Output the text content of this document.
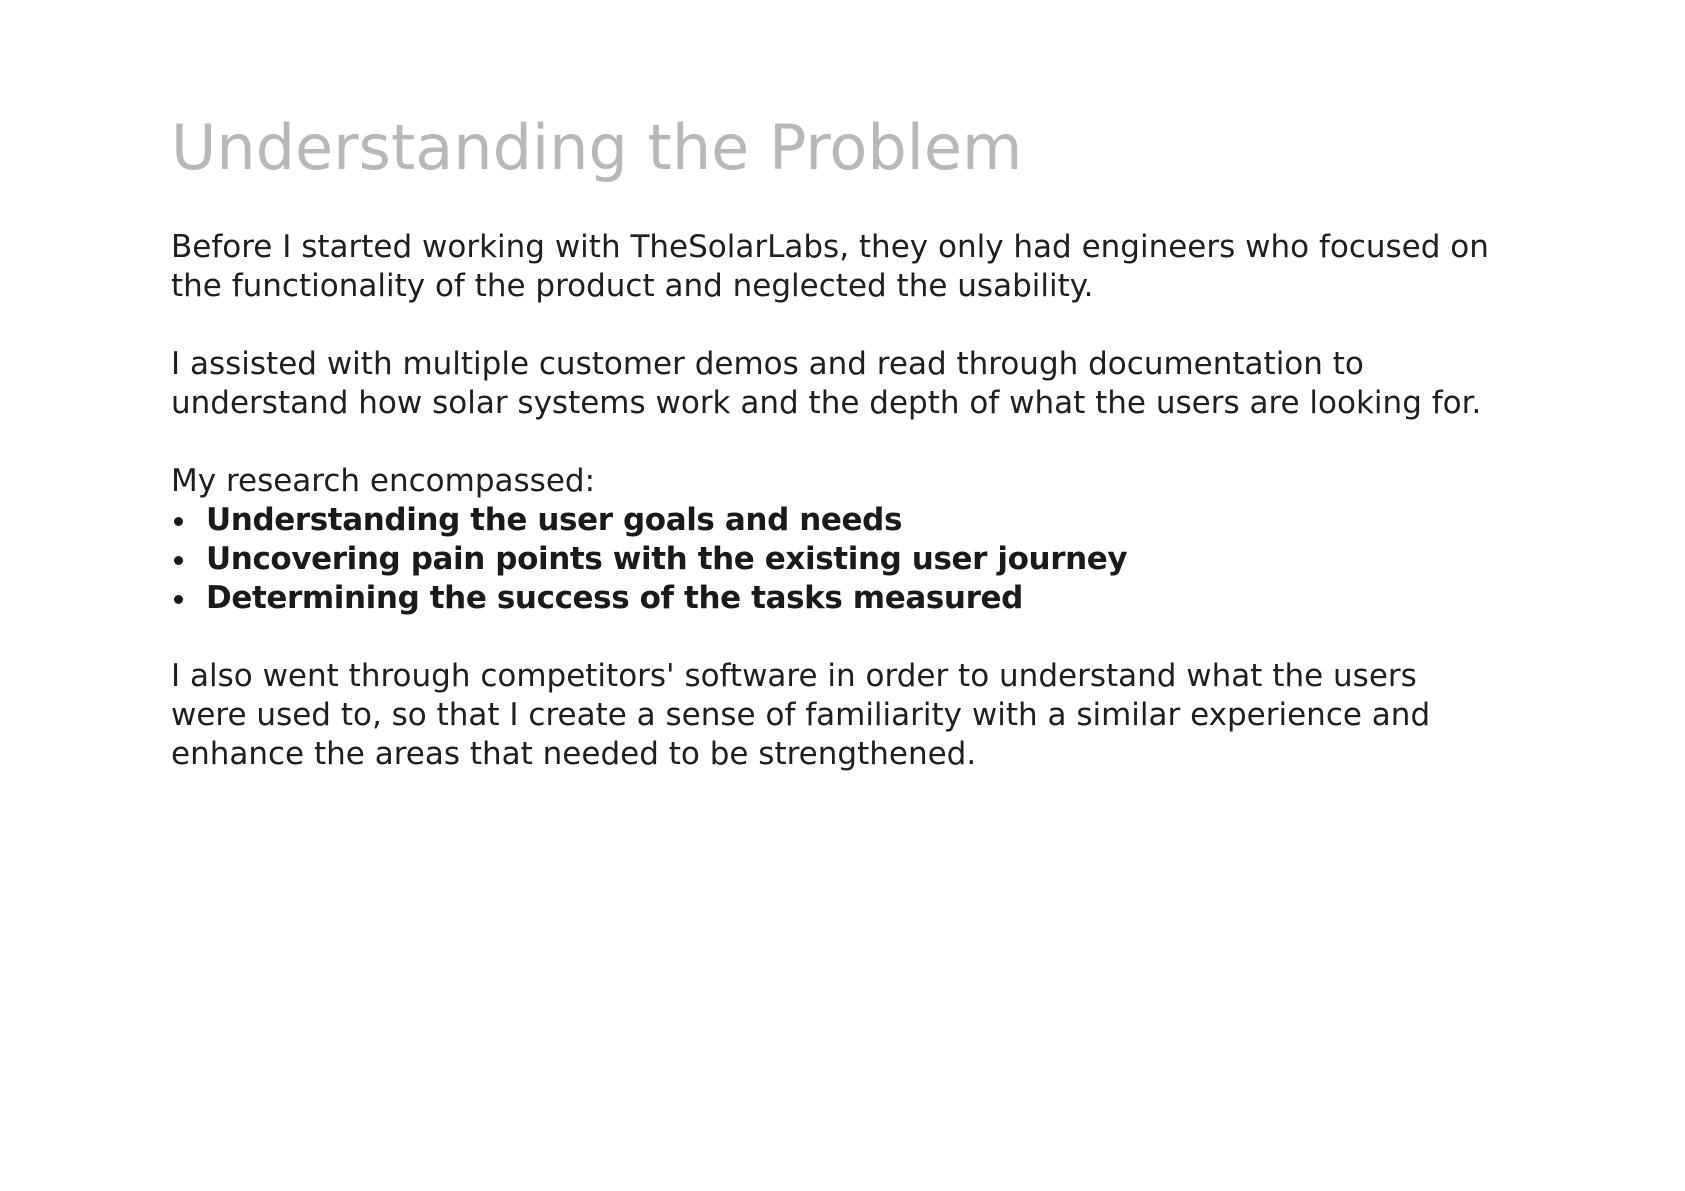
Understanding the Problem

Before I started working with TheSolarLabs, they only had engineers who focused on
the functionality of the product and neglected the usability.

I assisted with multiple customer demos and read through documentation to
understand how solar systems work and the depth of what the users are looking for.

My research encompassed:
Understanding the user goals and needs
Uncovering pain points with the existing user journey
Determining the success of the tasks measured

I also went through competitors' software in order to understand what the users
were used to, so that I create a sense of familiarity with a similar experience and
enhance the areas that needed to be strengthened.
